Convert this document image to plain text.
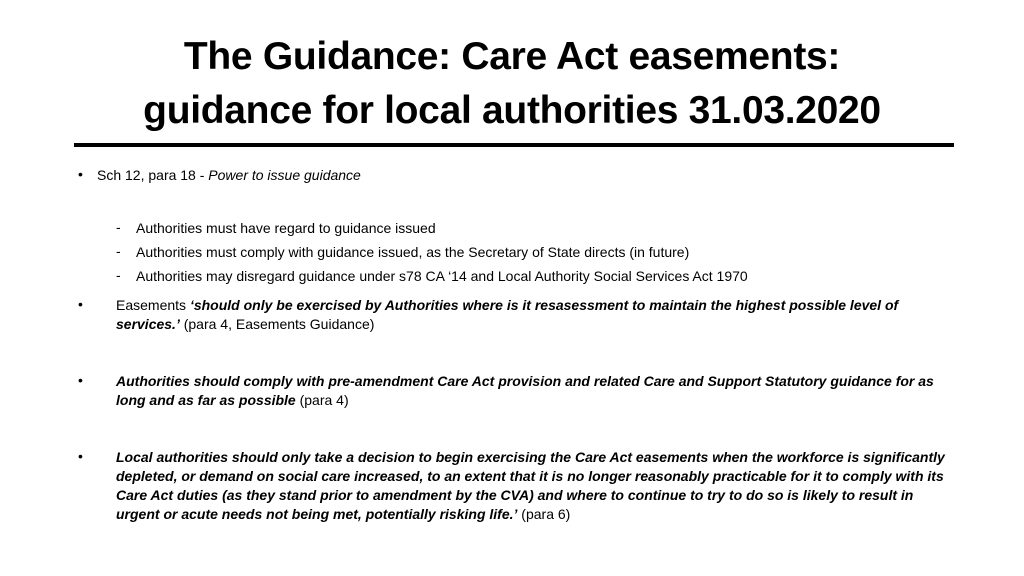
The Guidance: Care Act easements:
guidance for local authorities 31.03.2020
• Sch 12, para 18 - Power to issue guidance

- Authorities must have regard to guidance issued

- Authorities must comply with guidance issued, as the Secretary of State directs (in future)

- Authorities may disregard guidance under s78 CA ‘14 and Local Authority Social Services Act 1970

• Easements ‘should only be exercised by Authorities where is it resasessment to maintain the highest possible level of services.’ (para 4, Easements Guidance)

• Authorities should comply with pre-amendment Care Act provision and related Care and Support Statutory guidance for as long and as far as possible (para 4)

• Local authorities should only take a decision to begin exercising the Care Act easements when the workforce is significantly depleted, or demand on social care increased, to an extent that it is no longer reasonably practicable for it to comply with its Care Act duties (as they stand prior to amendment by the CVA) and where to continue to try to do so is likely to result in urgent or acute needs not being met, potentially risking life.’ (para 6)
